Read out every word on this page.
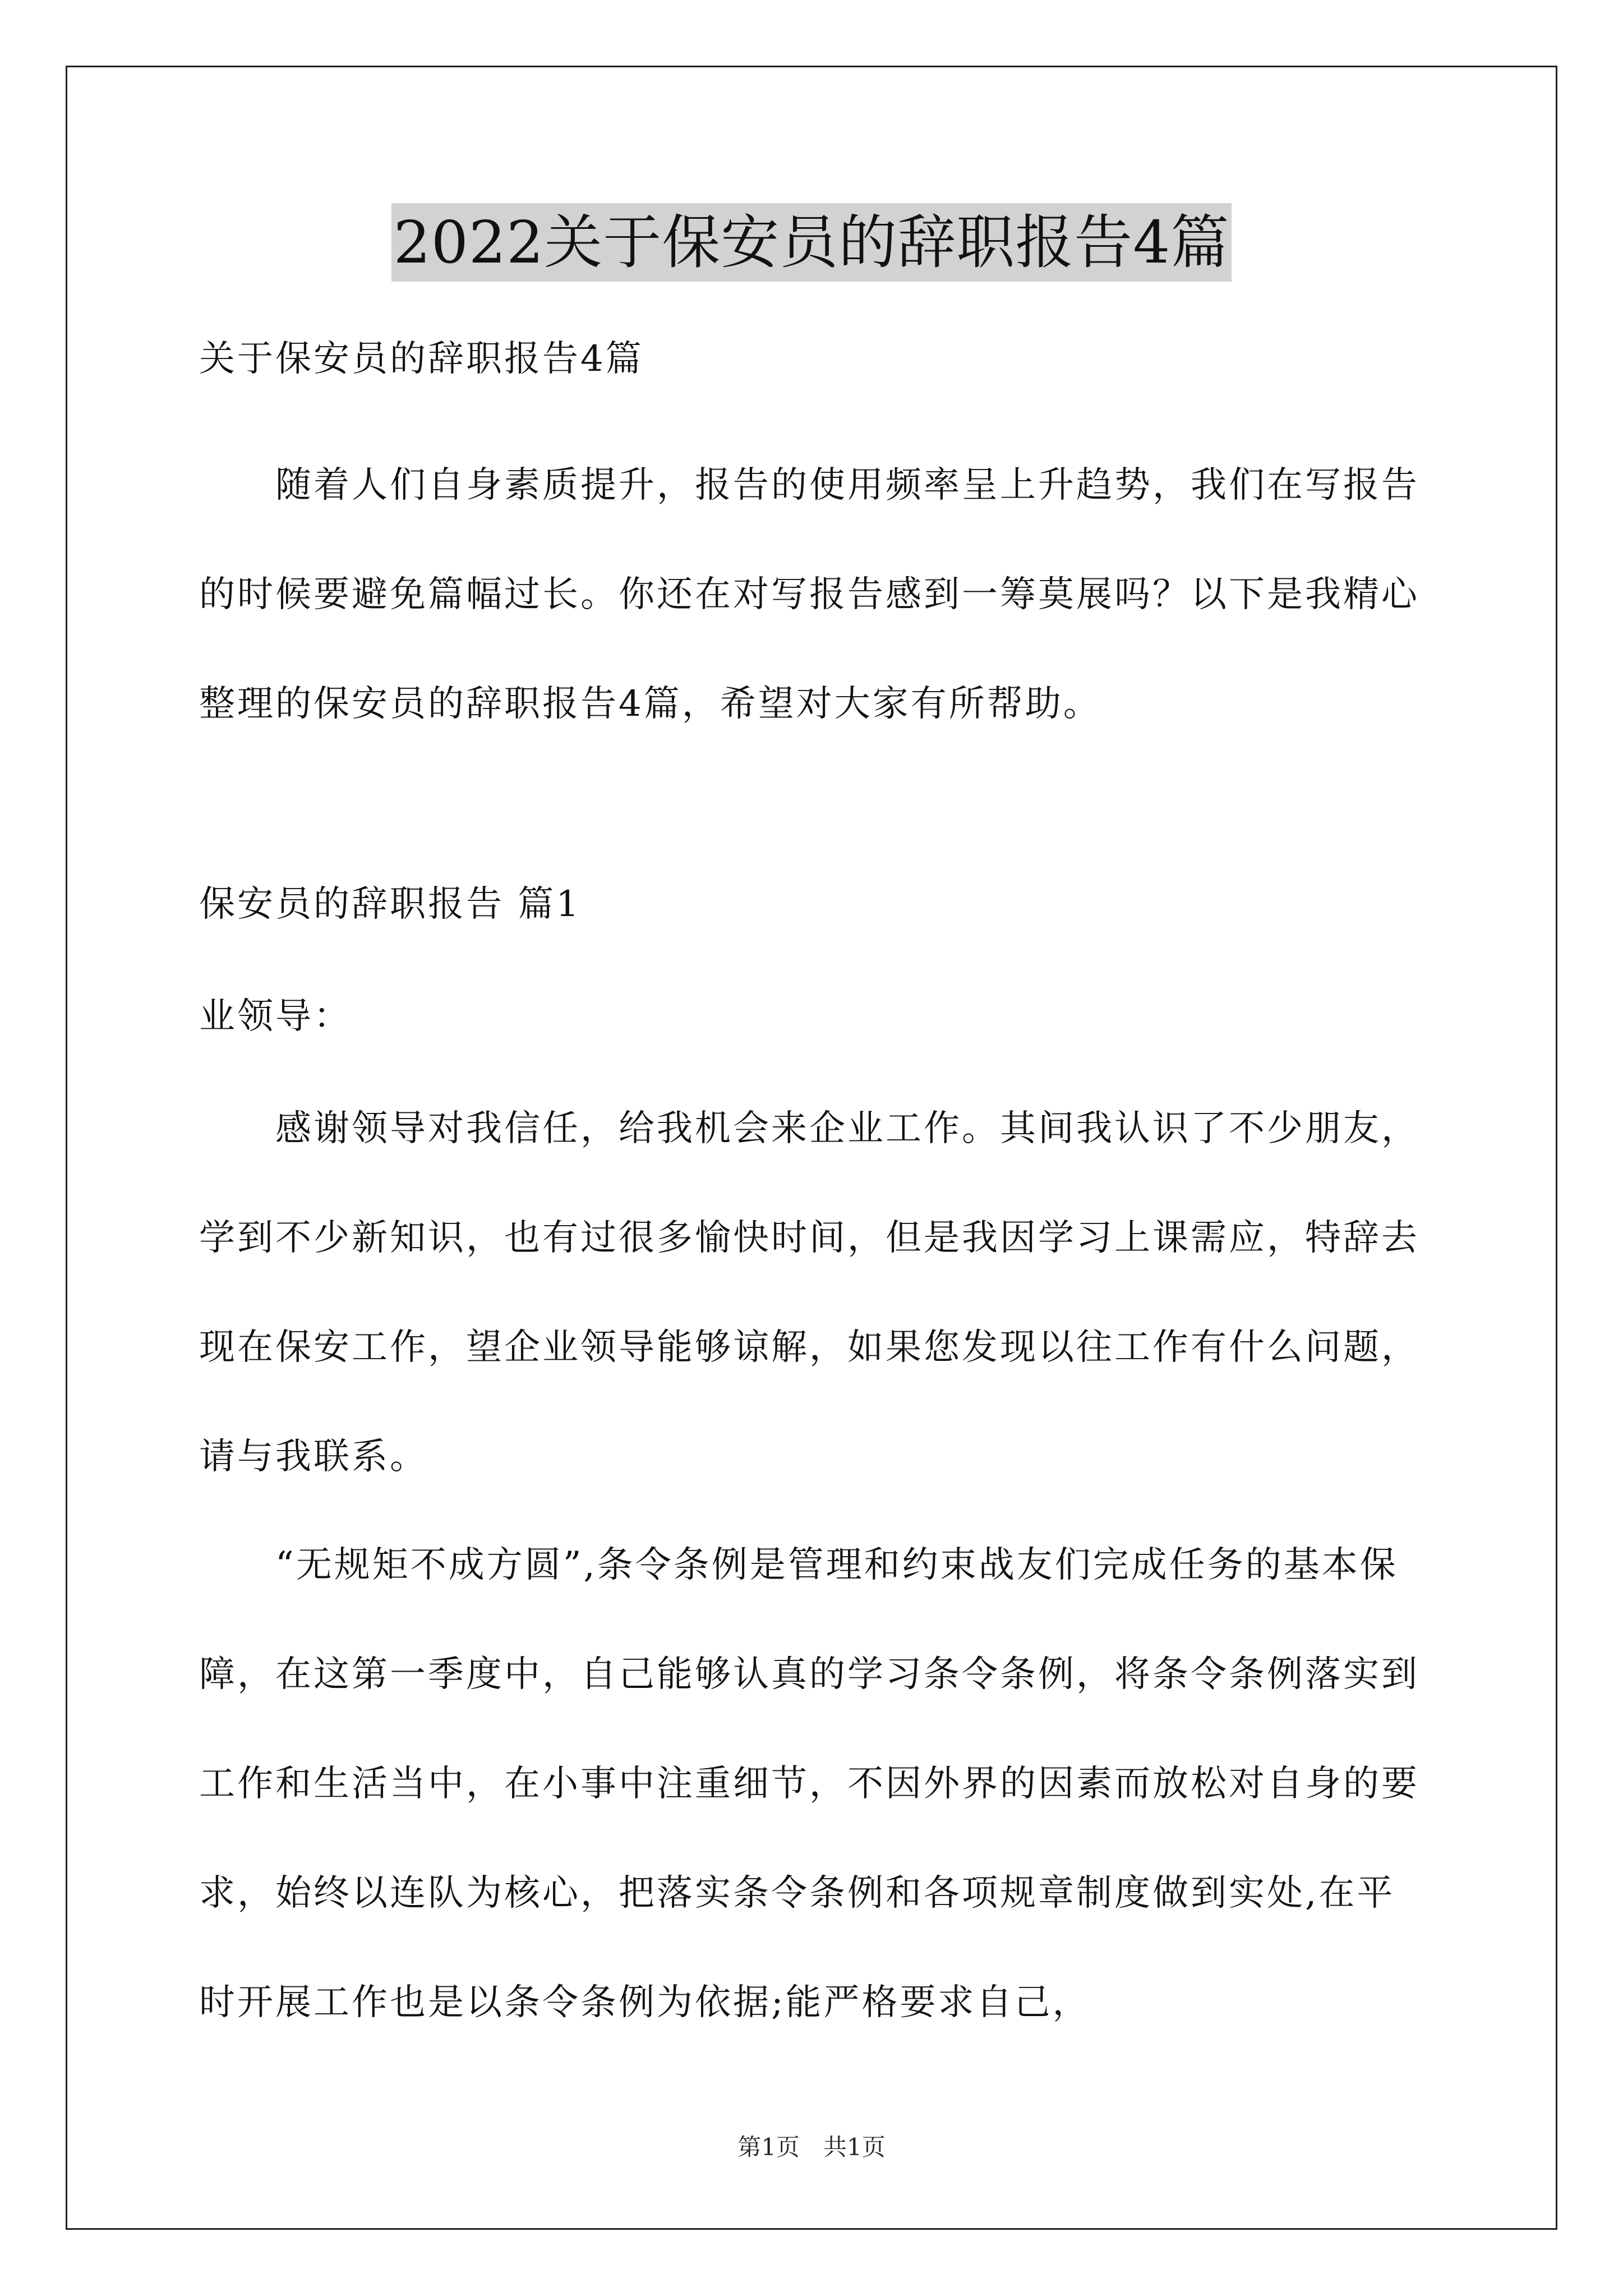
2022关于保安员的辞职报告4篇

关于保安员的辞职报告4篇

随着人们自身素质提升，报告的使用频率呈上升趋势，我们在写报告的时候要避免篇幅过长。你还在对写报告感到一筹莫展吗？以下是我精心整理的保安员的辞职报告4篇，希望对大家有所帮助。

保安员的辞职报告 篇1

业领导：

感谢领导对我信任，给我机会来企业工作。其间我认识了不少朋友，学到不少新知识，也有过很多愉快时间，但是我因学习上课需应，特辞去现在保安工作，望企业领导能够谅解，如果您发现以往工作有什么问题，请与我联系。

“无规矩不成方圆”,条令条例是管理和约束战友们完成任务的基本保障，在这第一季度中，自己能够认真的学习条令条例，将条令条例落实到工作和生活当中，在小事中注重细节，不因外界的因素而放松对自身的要求，始终以连队为核心，把落实条令条例和各项规章制度做到实处,在平时开展工作也是以条令条例为依据;能严格要求自己，

第1页　共1页
